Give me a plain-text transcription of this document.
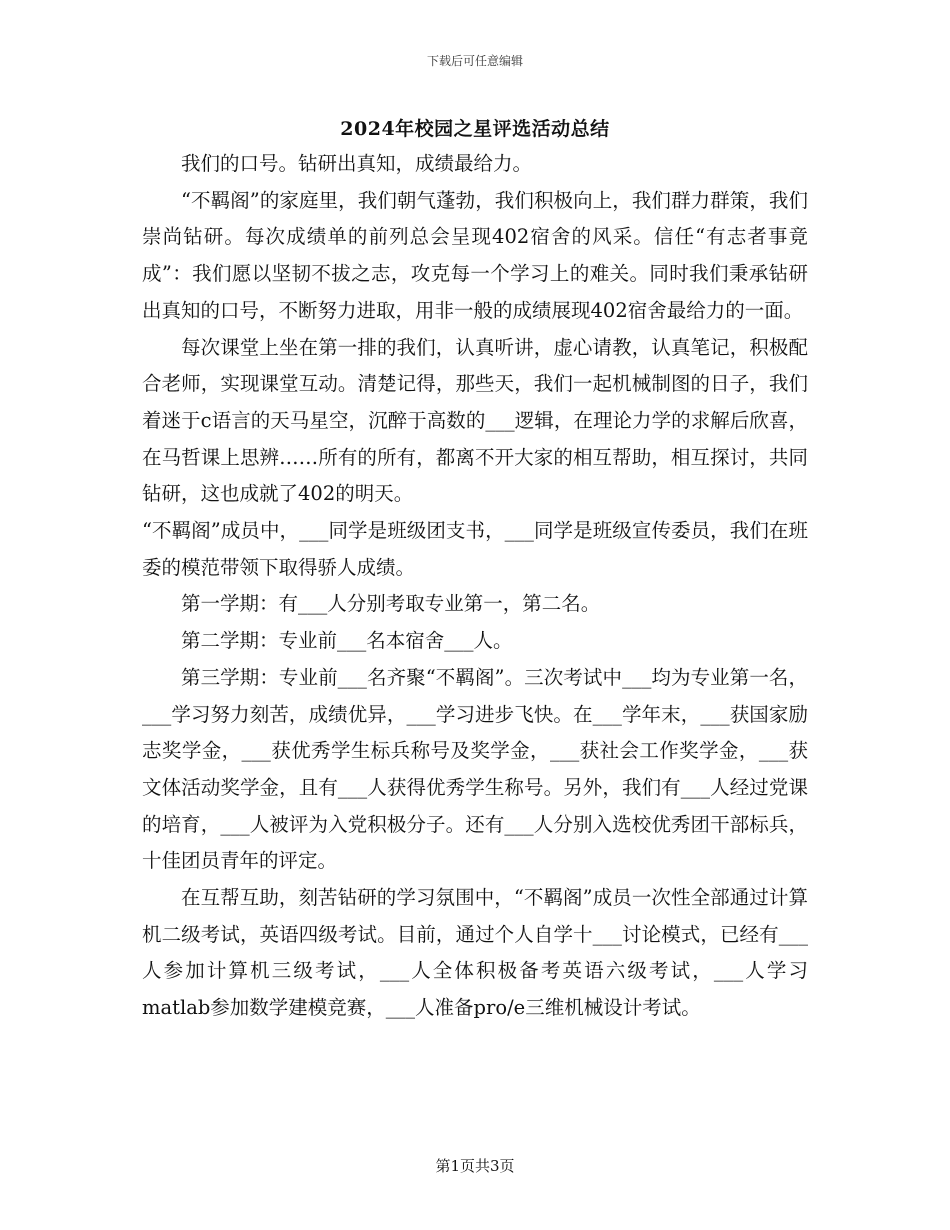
下载后可任意编辑
2024年校园之星评选活动总结

我们的口号。钻研出真知，成绩最给力。

“不羁阁”的家庭里，我们朝气蓬勃，我们积极向上，我们群力群策，我们崇尚钻研。每次成绩单的前列总会呈现402宿舍的风采。信任“有志者事竟成”：我们愿以坚韧不拔之志，攻克每一个学习上的难关。同时我们秉承钻研出真知的口号，不断努力进取，用非一般的成绩展现402宿舍最给力的一面。

每次课堂上坐在第一排的我们，认真听讲，虚心请教，认真笔记，积极配合老师，实现课堂互动。清楚记得，那些天，我们一起机械制图的日子，我们着迷于c语言的天马星空，沉醉于高数的___逻辑，在理论力学的求解后欣喜，在马哲课上思辨……所有的所有，都离不开大家的相互帮助，相互探讨，共同钻研，这也成就了402的明天。

“不羁阁”成员中，___同学是班级团支书，___同学是班级宣传委员，我们在班委的模范带领下取得骄人成绩。

第一学期：有___人分别考取专业第一，第二名。

第二学期：专业前___名本宿舍___人。

第三学期：专业前___名齐聚“不羁阁”。三次考试中___均为专业第一名，___学习努力刻苦，成绩优异，___学习进步飞快。在___学年末，___获国家励志奖学金，___获优秀学生标兵称号及奖学金，___获社会工作奖学金，___获文体活动奖学金，且有___人获得优秀学生称号。另外，我们有___人经过党课的培育，___人被评为入党积极分子。还有___人分别入选校优秀团干部标兵，十佳团员青年的评定。

在互帮互助，刻苦钻研的学习氛围中，“不羁阁”成员一次性全部通过计算机二级考试，英语四级考试。目前，通过个人自学十___讨论模式，已经有___人参加计算机三级考试，___人全体积极备考英语六级考试，___人学习matlab参加数学建模竞赛，___人准备pro/e三维机械设计考试。

第1页共3页
